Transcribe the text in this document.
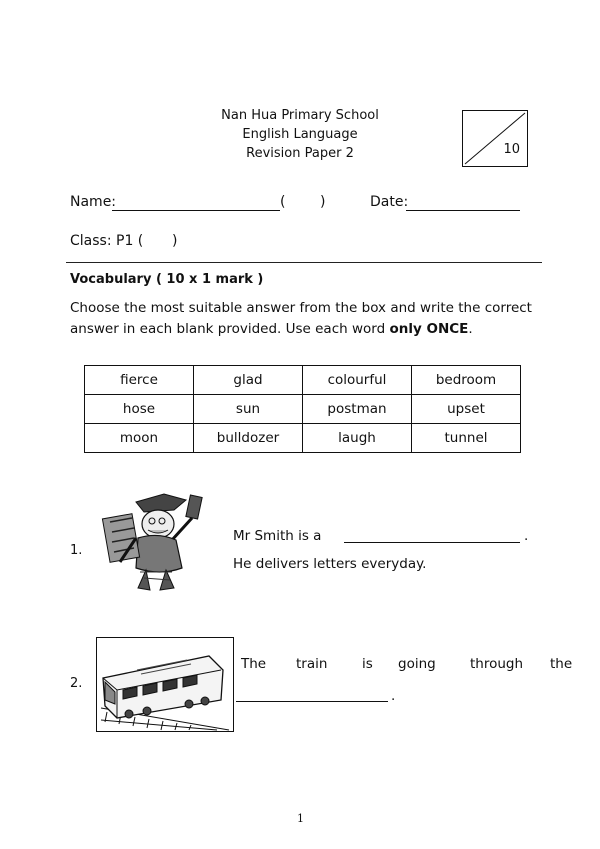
Nan Hua Primary School
English Language
Revision Paper 2	10
Name:	( )	Date:
Class: P1 ( )
Vocabulary ( 10 x 1 mark )
Choose the most suitable answer from the box and write the correct answer in each blank provided. Use each word only ONCE.
fierce	glad	colourful	bedroom
hose	sun	postman	upset
moon	bulldozer	laugh	tunnel
1.
Mr Smith is a	.
He delivers letters everyday.
2.
The train	is going	through the
.
1
